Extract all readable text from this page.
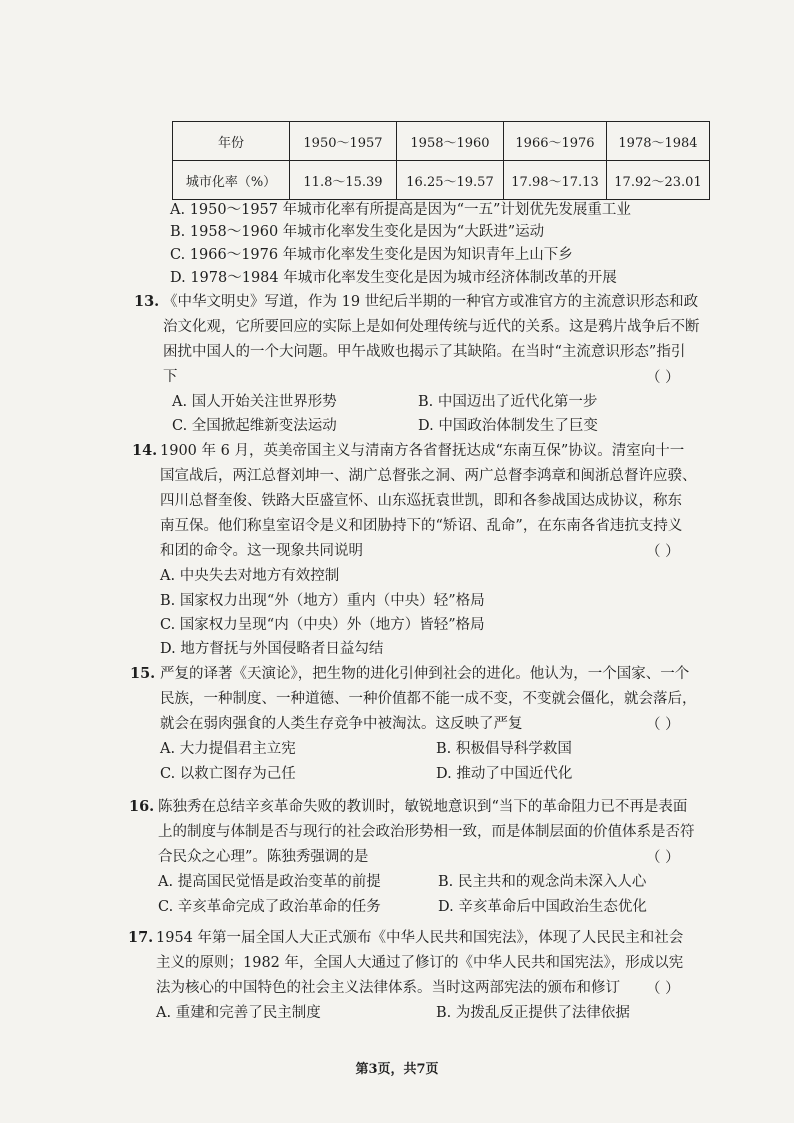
年份	1950～1957	1958～1960	1966～1976	1978～1984
城市化率（%）	11.8～15.39	16.25～19.57	17.98～17.13	17.92～23.01
A. 1950～1957 年城市化率有所提高是因为“一五”计划优先发展重工业
B. 1958～1960 年城市化率发生变化是因为“大跃进”运动
C. 1966～1976 年城市化率发生变化是因为知识青年上山下乡
D. 1978～1984 年城市化率发生变化是因为城市经济体制改革的开展
13. 《中华文明史》写道，作为 19 世纪后半期的一种官方或准官方的主流意识形态和政
治文化观，它所要回应的实际上是如何处理传统与近代的关系。这是鸦片战争后不断
困扰中国人的一个大问题。甲午战败也揭示了其缺陷。在当时“主流意识形态”指引
下	（ ）
A. 国人开始关注世界形势	B. 中国迈出了近代化第一步
C. 全国掀起维新变法运动	D. 中国政治体制发生了巨变
14. 1900 年 6 月，英美帝国主义与清南方各省督抚达成“东南互保”协议。清室向十一
国宣战后，两江总督刘坤一、湖广总督张之洞、两广总督李鸿章和闽浙总督许应骙、
四川总督奎俊、铁路大臣盛宣怀、山东巡抚袁世凯，即和各参战国达成协议，称东
南互保。他们称皇室诏令是义和团胁持下的“矫诏、乱命”，在东南各省违抗支持义
和团的命令。这一现象共同说明	（ ）
A. 中央失去对地方有效控制
B. 国家权力出现“外（地方）重内（中央）轻”格局
C. 国家权力呈现“内（中央）外（地方）皆轻”格局
D. 地方督抚与外国侵略者日益勾结
15. 严复的译著《天演论》，把生物的进化引伸到社会的进化。他认为，一个国家、一个
民族，一种制度、一种道德、一种价值都不能一成不变，不变就会僵化，就会落后，
就会在弱肉强食的人类生存竞争中被淘汰。这反映了严复	（ ）
A. 大力提倡君主立宪	B. 积极倡导科学救国
C. 以救亡图存为己任	D. 推动了中国近代化
16. 陈独秀在总结辛亥革命失败的教训时，敏锐地意识到“当下的革命阻力已不再是表面
上的制度与体制是否与现行的社会政治形势相一致，而是体制层面的价值体系是否符
合民众之心理”。陈独秀强调的是	（ ）
A. 提高国民觉悟是政治变革的前提	B. 民主共和的观念尚未深入人心
C. 辛亥革命完成了政治革命的任务	D. 辛亥革命后中国政治生态优化
17. 1954 年第一届全国人大正式颁布《中华人民共和国宪法》，体现了人民民主和社会
主义的原则；1982 年，全国人大通过了修订的《中华人民共和国宪法》，形成以宪
法为核心的中国特色的社会主义法律体系。当时这两部宪法的颁布和修订 （ ）
A. 重建和完善了民主制度	B. 为拨乱反正提供了法律依据
第3页，共7页
